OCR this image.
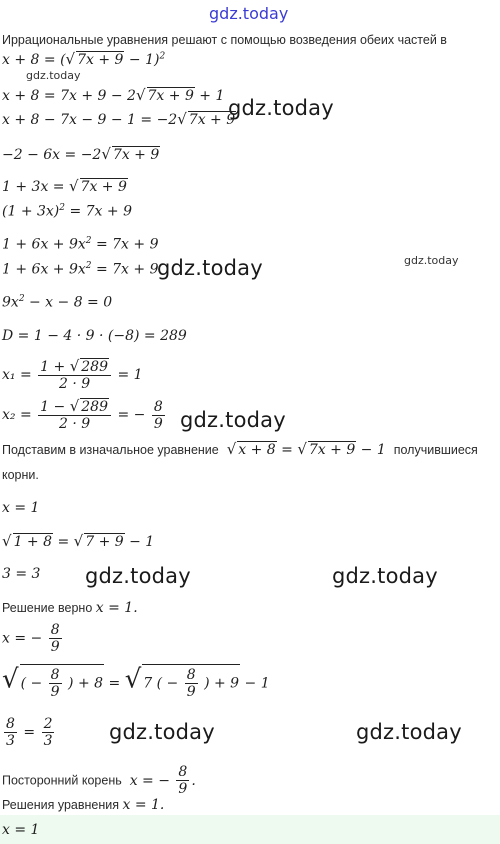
gdz.today
Иррациональные уравнения решают с помощью возведения обеих частей в
x + 8 = (√ 7x + 9 − 1)$^2$
gdz.today
x + 8 = 7x + 9 − 2√ 7x + 9 + 1 gdz.today
x + 8 − 7x − 9 − 1 = −2√ 7x + 9
−2 − 6x = −2√ 7x + 9
1 + 3x = √ 7x + 9
$(1 + 3x)^2 = 7x + 9$
$1 + 6x + 9x^2 = 7x + 9$
$1 + 6x + 9x^2 = 7x + 9$
gdz.today	gdz.today
$9x^2 - x - 8 = 0$
D = 1 − 4 · 9 · (−8) = 289
$x_1 = \frac{1 + √ 289}{2 \cdot 9} = 1$
$x_2 = \frac{1 - √ 289}{2 \cdot 9}$ = − $\frac{8}{9}$ gdz.today
Подставим в изначальное уравнение √ x + 8 = √ 7x + 9 − 1  получившиеся
корни.
x = 1
√ 1 + 8 = √ 7 + 9 − 1
3 = 3 gdz.today	gdz.today
Решение верно x = 1.
x = − $\frac{8}{9}$
√ ( − $\frac{8}{9}$ ) + 8 = √ 7 ( − $\frac{8}{9}$ ) + 9 − 1
$\frac{8}{3} = \frac{2}{3}$	gdz.today	gdz.today
Посторонний корень  x = − $\frac{8}{9}$ .
Решения уравнения x = 1.
x = 1
